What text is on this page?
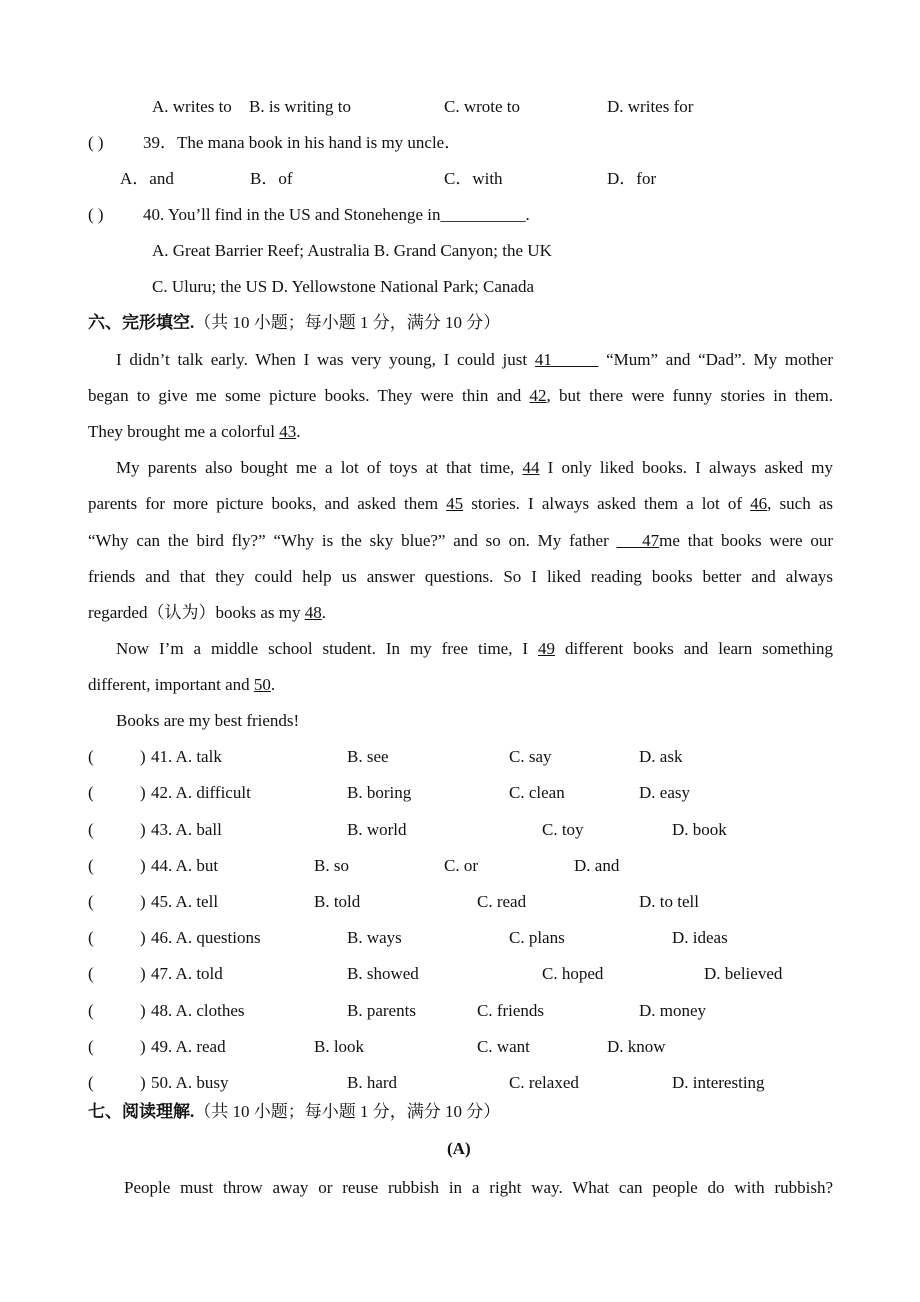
A. writes to B. is writing to	C. wrote to	D. writes for
( ) 39．The mana book in his hand is my uncle．
A．and	B．of	C．with	D．for
( ) 40. You’ll find in the US and Stonehenge in__________.
A. Great Barrier Reef; Australia B. Grand Canyon; the UK
C. Uluru; the US D. Yellowstone National Park; Canada
六、完形填空.（共 10 小题；每小题 1 分，满分 10 分）
I didn’t talk early. When I was very young, I could just 41	“Mum” and “Dad”. My mother
began to give me some picture books. They were thin and 42, but there were funny stories in them.
They brought me a colorful 43.
My parents also bought me a lot of toys at that time, 44 I only liked books. I always asked my
parents for more picture books, and asked them 45 stories. I always asked them a lot of 46, such as
“Why can the bird fly?” “Why is the sky blue?” and so on. My father ___47me that books were our
friends and that they could help us answer questions. So I liked reading books better and always
regarded（认为）books as my 48.
Now I’m a middle school student. In my free time, I 49 different books and learn something
different, important and 50.
Books are my best friends!
(	) 41. A. talk	B. see	C. say	D. ask
(	) 42. A. difficult	B. boring	C. clean	D. easy
(	) 43. A. ball	B. world	C. toy	D. book
(	) 44. A. but	B. so	C. or	D. and
(	) 45. A. tell	B. told	C. read	D. to tell
(	) 46. A. questions	B. ways	C. plans	D. ideas
(	) 47. A. told	B. showed	C. hoped	D. believed
(	) 48. A. clothes	B. parents	C. friends	D. money
(	) 49. A. read	B. look	C. want	D. know
(	) 50. A. busy	B. hard	C. relaxed	D. interesting
七、阅读理解.（共 10 小题；每小题 1 分，满分 10 分）
(A)
People must throw away or reuse rubbish in a right way. What can people do with rubbish?
